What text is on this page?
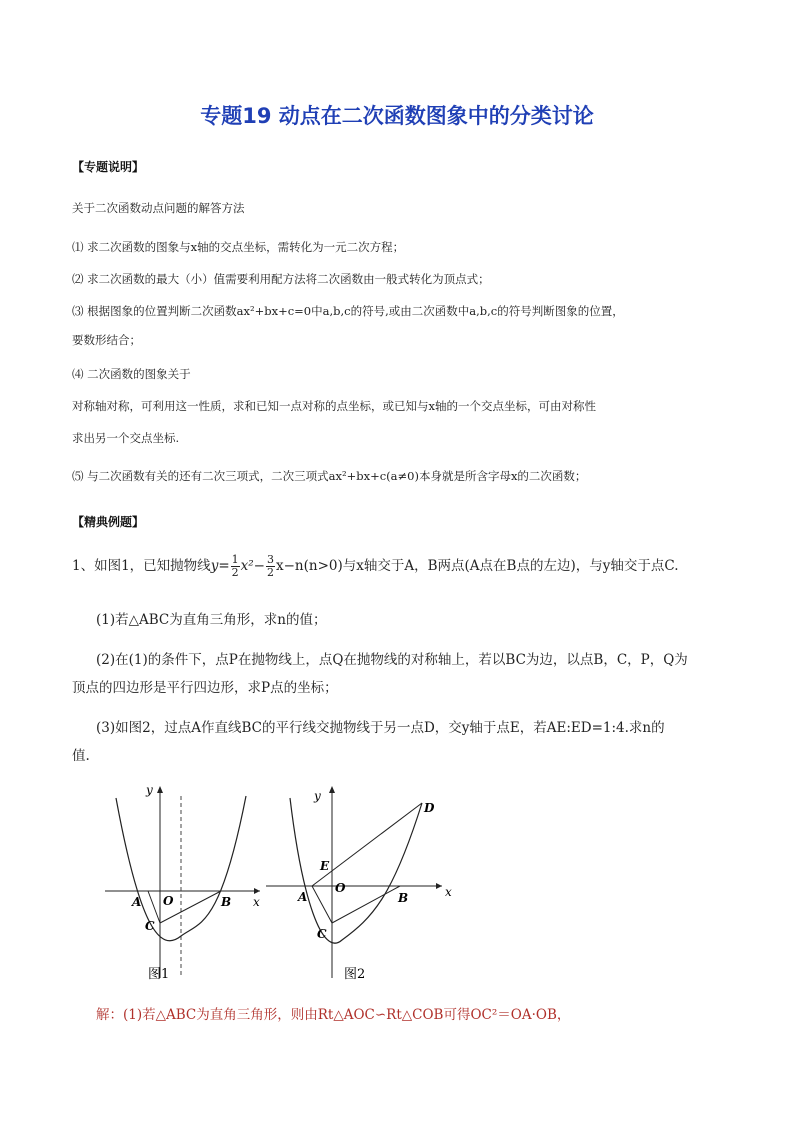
专题19 动点在二次函数图象中的分类讨论
【专题说明】
关于二次函数动点问题的解答方法
⑴ 求二次函数的图象与x轴的交点坐标，需转化为一元二次方程；
⑵ 求二次函数的最大（小）值需要利用配方法将二次函数由一般式转化为顶点式；
⑶ 根据图象的位置判断二次函数ax²+bx+c=0中a,b,c的符号,或由二次函数中a,b,c的符号判断图象的位置，
要数形结合；
⑷ 二次函数的图象关于
对称轴对称，可利用这一性质，求和已知一点对称的点坐标，或已知与x轴的一个交点坐标，可由对称性
求出另一个交点坐标.
⑸ 与二次函数有关的还有二次三项式，二次三项式ax²+bx+c(a≠0)本身就是所含字母x的二次函数；
【精典例题】
1、如图1，已知抛物线$y= \frac{1}{2} x^2- \frac{3}{2} x-n(n>0)$与x轴交于A，B两点(A点在B点的左边)，与y轴交于点C.
(1)若△ABC为直角三角形，求n的值；
(2)在(1)的条件下，点P在抛物线上，点Q在抛物线的对称轴上，若以BC为边，以点B，C，P，Q为
顶点的四边形是平行四边形，求P点的坐标；
(3)如图2，过点A作直线BC的平行线交抛物线于另一点D，交y轴于点E，若AE:ED=1:4.求n的
值.
y
x
A O	B
C
图1
y
x
A
O
B
C
D
E
图2
解：(1)若△ABC为直角三角形，则由Rt△AOC∽Rt△COB可得OC²＝OA·OB，
